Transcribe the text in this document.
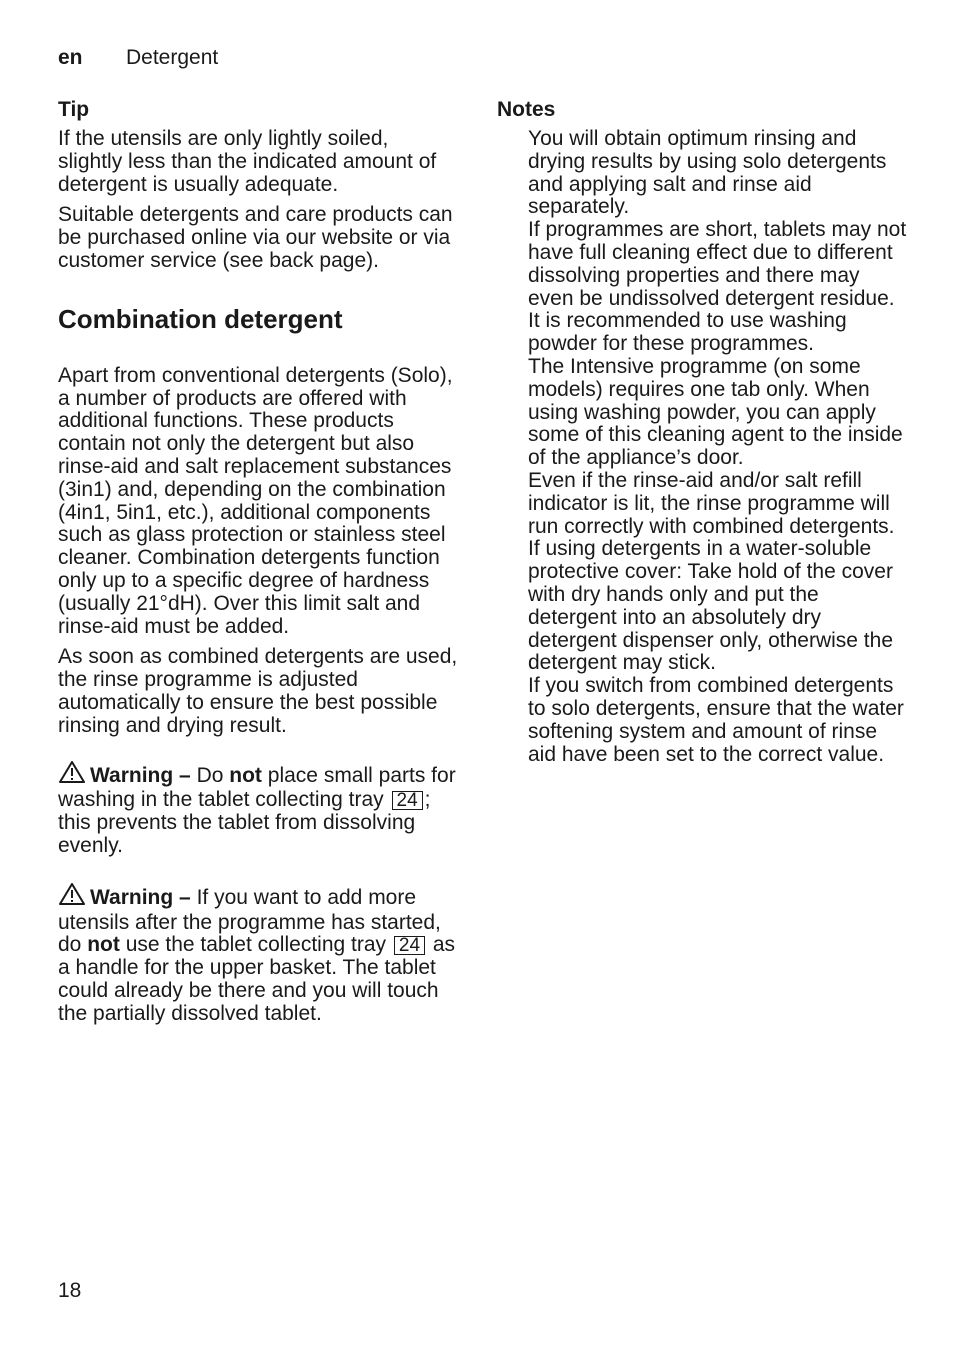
en Detergent
Tip

If the utensils are only lightly soiled, slightly less than the indicated amount of detergent is usually adequate.

Suitable detergents and care products can be purchased online via our website or via customer service (see back page).

Combination detergent

Apart from conventional detergents (Solo), a number of products are offered with additional functions. These products contain not only the detergent but also rinse-aid and salt replacement substances (3in1) and, depending on the combination (4in1, 5in1, etc.), additional components such as glass protection or stainless steel cleaner. Combination detergents function only up to a specific degree of hardness (usually 21°dH). Over this limit salt and rinse-aid must be added.

As soon as combined detergents are used, the rinse programme is adjusted automatically to ensure the best possible rinsing and drying result.

Warning – Do not place small parts for washing in the tablet collecting tray 24 ; this prevents the tablet from dissolving evenly.

Warning – If you want to add more utensils after the programme has started, do not use the tablet collecting tray 24 as a handle for the upper basket. The tablet could already be there and you will touch the partially dissolved tablet.

Notes

You will obtain optimum rinsing and drying results by using solo detergents and applying salt and rinse aid separately.

If programmes are short, tablets may not have full cleaning effect due to different dissolving properties and there may even be undissolved detergent residue. It is recommended to use washing powder for these programmes.

The Intensive programme (on some models) requires one tab only. When using washing powder, you can apply some of this cleaning agent to the inside of the appliance’s door.

Even if the rinse-aid and/or salt refill indicator is lit, the rinse programme will run correctly with combined detergents.

If using detergents in a water-soluble protective cover: Take hold of the cover with dry hands only and put the detergent into an absolutely dry detergent dispenser only, otherwise the detergent may stick.

If you switch from combined detergents to solo detergents, ensure that the water softening system and amount of rinse aid have been set to the correct value.

18
